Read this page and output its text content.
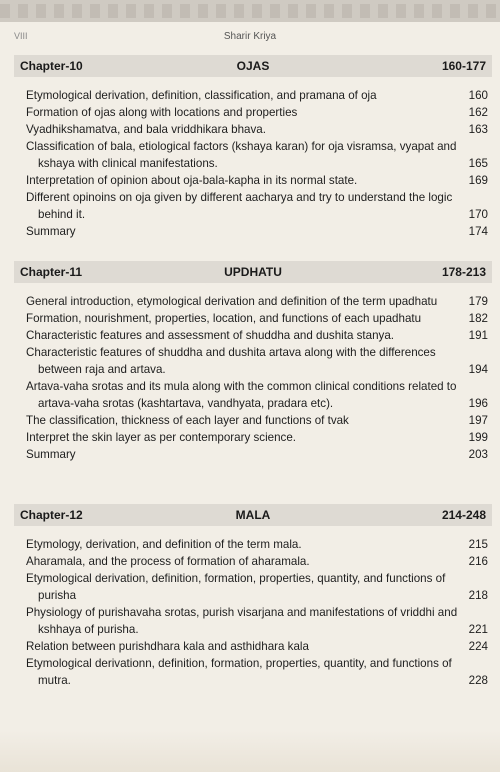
VIII	Sharir Kriya
Chapter-10	OJAS	160-177
Etymological derivation, definition, classification, and pramana of oja	160
Formation of ojas along with locations and properties	162
Vyadhikshamatva, and bala vriddhikara bhava.	163
Classification of bala, etiological factors (kshaya karan) for oja visramsa, vyapat and kshaya with clinical manifestations.	165
Interpretation of opinion about oja-bala-kapha in its normal state.	169
Different opinoins on oja given by different aacharya and try to understand the logic behind it.	170
Summary	174
Chapter-11	UPDHATU	178-213
General introduction, etymological derivation and definition of the term upadhatu	179
Formation, nourishment, properties, location, and functions of each upadhatu	182
Characteristic features and assessment of shuddha and dushita stanya.	191
Characteristic features of shuddha and dushita artava along with the differences between raja and artava.	194
Artava-vaha srotas and its mula along with the common clinical conditions related to artava-vaha srotas (kashtartava, vandhyata, pradara etc).	196
The classification, thickness of each layer and functions of tvak	197
Interpret the skin layer as per contemporary science.	199
Summary	203
Chapter-12	MALA	214-248
Etymology, derivation, and definition of the term mala.	215
Aharamala, and the process of formation of aharamala.	216
Etymological derivation, definition, formation, properties, quantity, and functions of purisha	218
Physiology of purishavaha srotas, purish visarjana and manifestations of vriddhi and kshhaya of purisha.	221
Relation between purishdhara kala and asthidhara kala	224
Etymological derivationn, definition, formation, properties, quantity, and functions of mutra.	228
